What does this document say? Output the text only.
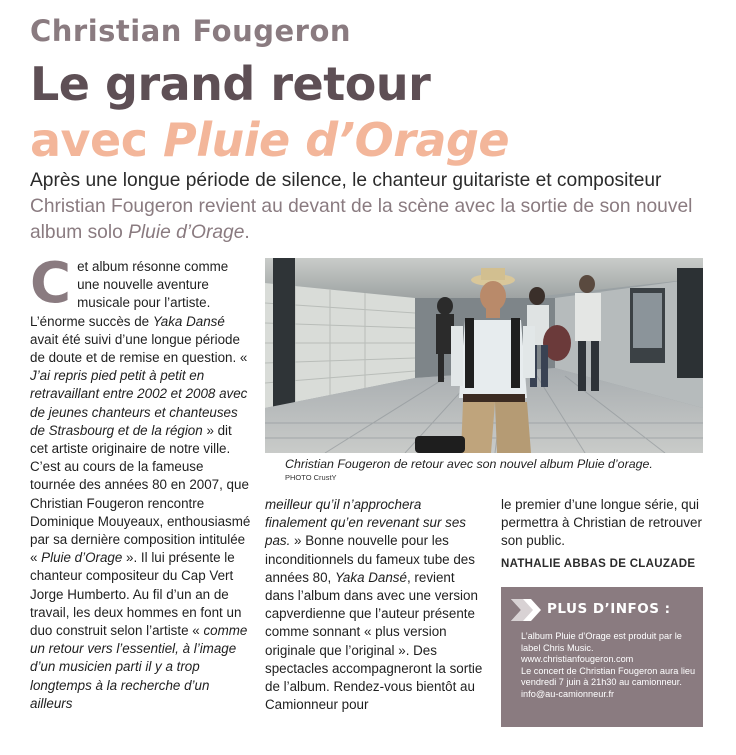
Christian Fougeron
Le grand retour
avec Pluie d’Orage
Après une longue période de silence, le chanteur guitariste et compositeur Christian Fougeron revient au devant de la scène avec la sortie de son nouvel album solo Pluie d’Orage.

Cet album résonne comme une nouvelle aventure musicale pour l’artiste. L’énorme succès de Yaka Dansé avait été suivi d’une longue période de doute et de remise en question. « J’ai repris pied petit à petit en retravaillant entre 2002 et 2008 avec de jeunes chanteurs et chanteuses de Strasbourg et de la région » dit cet artiste originaire de notre ville. C’est au cours de la fameuse tournée des années 80 en 2007, que Christian Fougeron rencontre Dominique Mouyeaux, enthousiasmé par sa dernière composition intitulée « Pluie d’Orage ». Il lui présente le chanteur compositeur du Cap Vert Jorge Humberto. Au fil d’un an de travail, les deux hommes en font un duo construit selon l’artiste « comme un retour vers l’essentiel, à l’image d’un musicien parti il y a trop longtemps à la recherche d’un ailleurs

Christian Fougeron de retour avec son nouvel album Pluie d’orage.
PHOTO CrustY

meilleur qu’il n’approchera finalement qu’en revenant sur ses pas. » Bonne nouvelle pour les inconditionnels du fameux tube des années 80, Yaka Dansé, revient dans l’album dans avec une version capverdienne que l’auteur présente comme sonnant « plus version originale que l’original ». Des spectacles accompagneront la sortie de l’album. Rendez-vous bientôt au Camionneur pour

le premier d’une longue série, qui permettra à Christian de retrouver son public.

NATHALIE ABBAS DE CLAUZADE

PLUS D’INFOS :
L’album Pluie d’Orage est produit par le label Chris Music.
www.christianfougeron.com
Le concert de Christian Fougeron aura lieu vendredi 7 juin à 21h30 au camionneur.
info@au-camionneur.fr
